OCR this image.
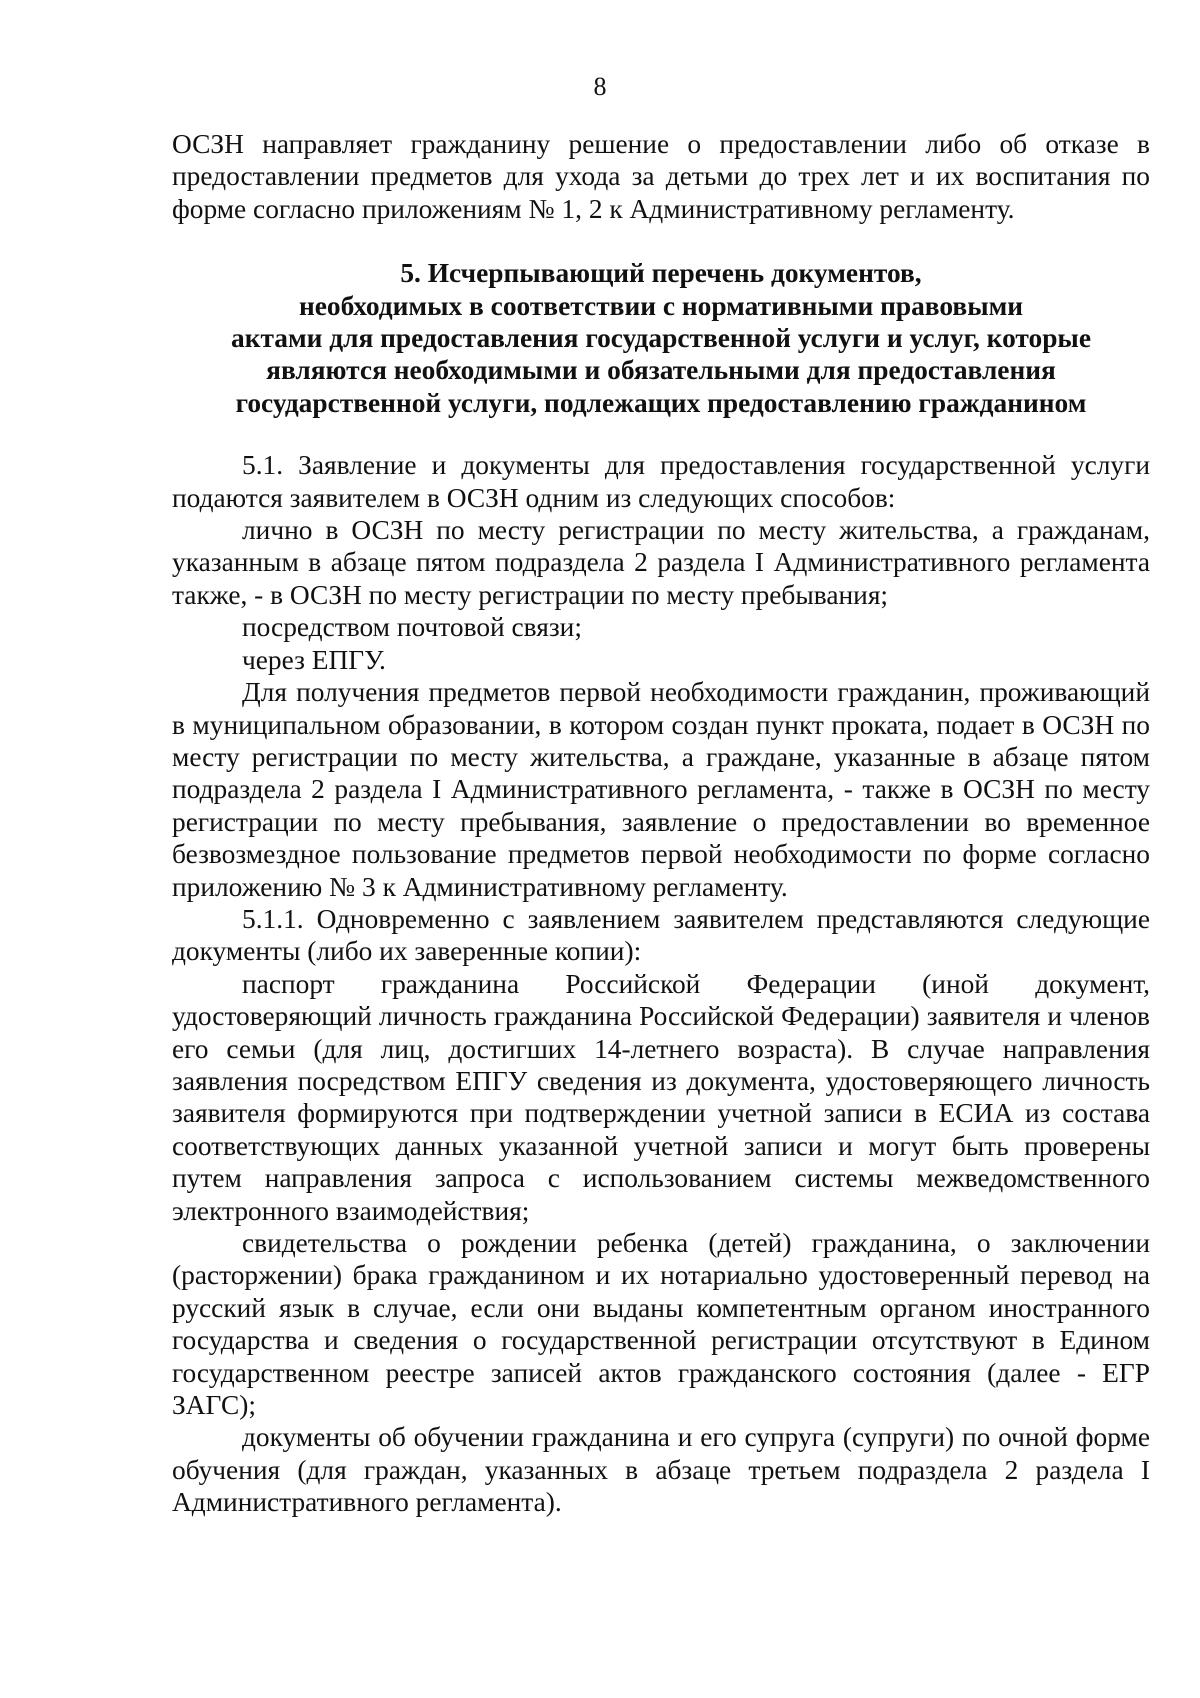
8

ОСЗН направляет гражданину решение о предоставлении либо об отказе в предоставлении предметов для ухода за детьми до трех лет и их воспитания по форме согласно приложениям № 1, 2 к Административному регламенту.

5. Исчерпывающий перечень документов,
необходимых в соответствии с нормативными правовыми
актами для предоставления государственной услуги и услуг, которые
являются необходимыми и обязательными для предоставления
государственной услуги, подлежащих предоставлению гражданином

5.1. Заявление и документы для предоставления государственной услуги подаются заявителем в ОСЗН одним из следующих способов:

лично в ОСЗН по месту регистрации по месту жительства, а гражданам, указанным в абзаце пятом подраздела 2 раздела I Административного регламента также, - в ОСЗН по месту регистрации по месту пребывания;

посредством почтовой связи;

через ЕПГУ.

Для получения предметов первой необходимости гражданин, проживающий в муниципальном образовании, в котором создан пункт проката, подает в ОСЗН по месту регистрации по месту жительства, а граждане, указанные в абзаце пятом подраздела 2 раздела I Административного регламента, - также в ОСЗН по месту регистрации по месту пребывания, заявление о предоставлении во временное безвозмездное пользование предметов первой необходимости по форме согласно приложению № 3 к Административному регламенту.

5.1.1. Одновременно с заявлением заявителем представляются следующие документы (либо их заверенные копии):

паспорт гражданина Российской Федерации (иной документ, удостоверяющий личность гражданина Российской Федерации) заявителя и членов его семьи (для лиц, достигших 14-летнего возраста). В случае направления заявления посредством ЕПГУ сведения из документа, удостоверяющего личность заявителя формируются при подтверждении учетной записи в ЕСИА из состава соответствующих данных указанной учетной записи и могут быть проверены путем направления запроса с использованием системы межведомственного электронного взаимодействия;

свидетельства о рождении ребенка (детей) гражданина, о заключении (расторжении) брака гражданином и их нотариально удостоверенный перевод на русский язык в случае, если они выданы компетентным органом иностранного государства и сведения о государственной регистрации отсутствуют в Едином государственном реестре записей актов гражданского состояния (далее - ЕГР ЗАГС);

документы об обучении гражданина и его супруга (супруги) по очной форме обучения (для граждан, указанных в абзаце третьем подраздела 2 раздела I Административного регламента).
